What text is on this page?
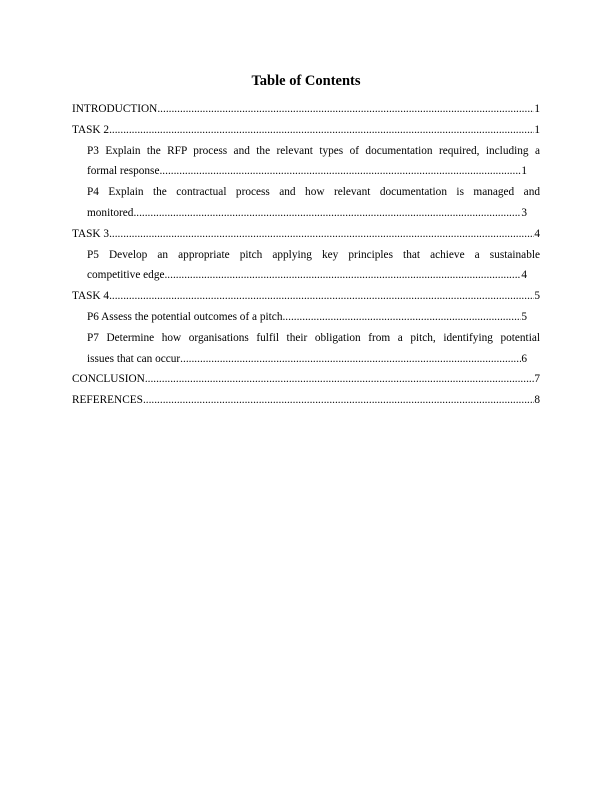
Table of Contents
INTRODUCTION .....	1
TASK 2 .....	1
P3 Explain the RFP process and the relevant types of documentation required, including a
formal response .....	1
P4 Explain the contractual process and how relevant documentation is managed and
monitored .....	3
TASK 3 .....	4
P5 Develop an appropriate pitch applying key principles that achieve a sustainable
competitive edge .....	4
TASK 4 .....	5
P6 Assess the potential outcomes of a pitch .....	5
P7 Determine how organisations fulfil their obligation from a pitch, identifying potential
issues that can occur .....	6
CONCLUSION .....	7
REFERENCES .....	8
